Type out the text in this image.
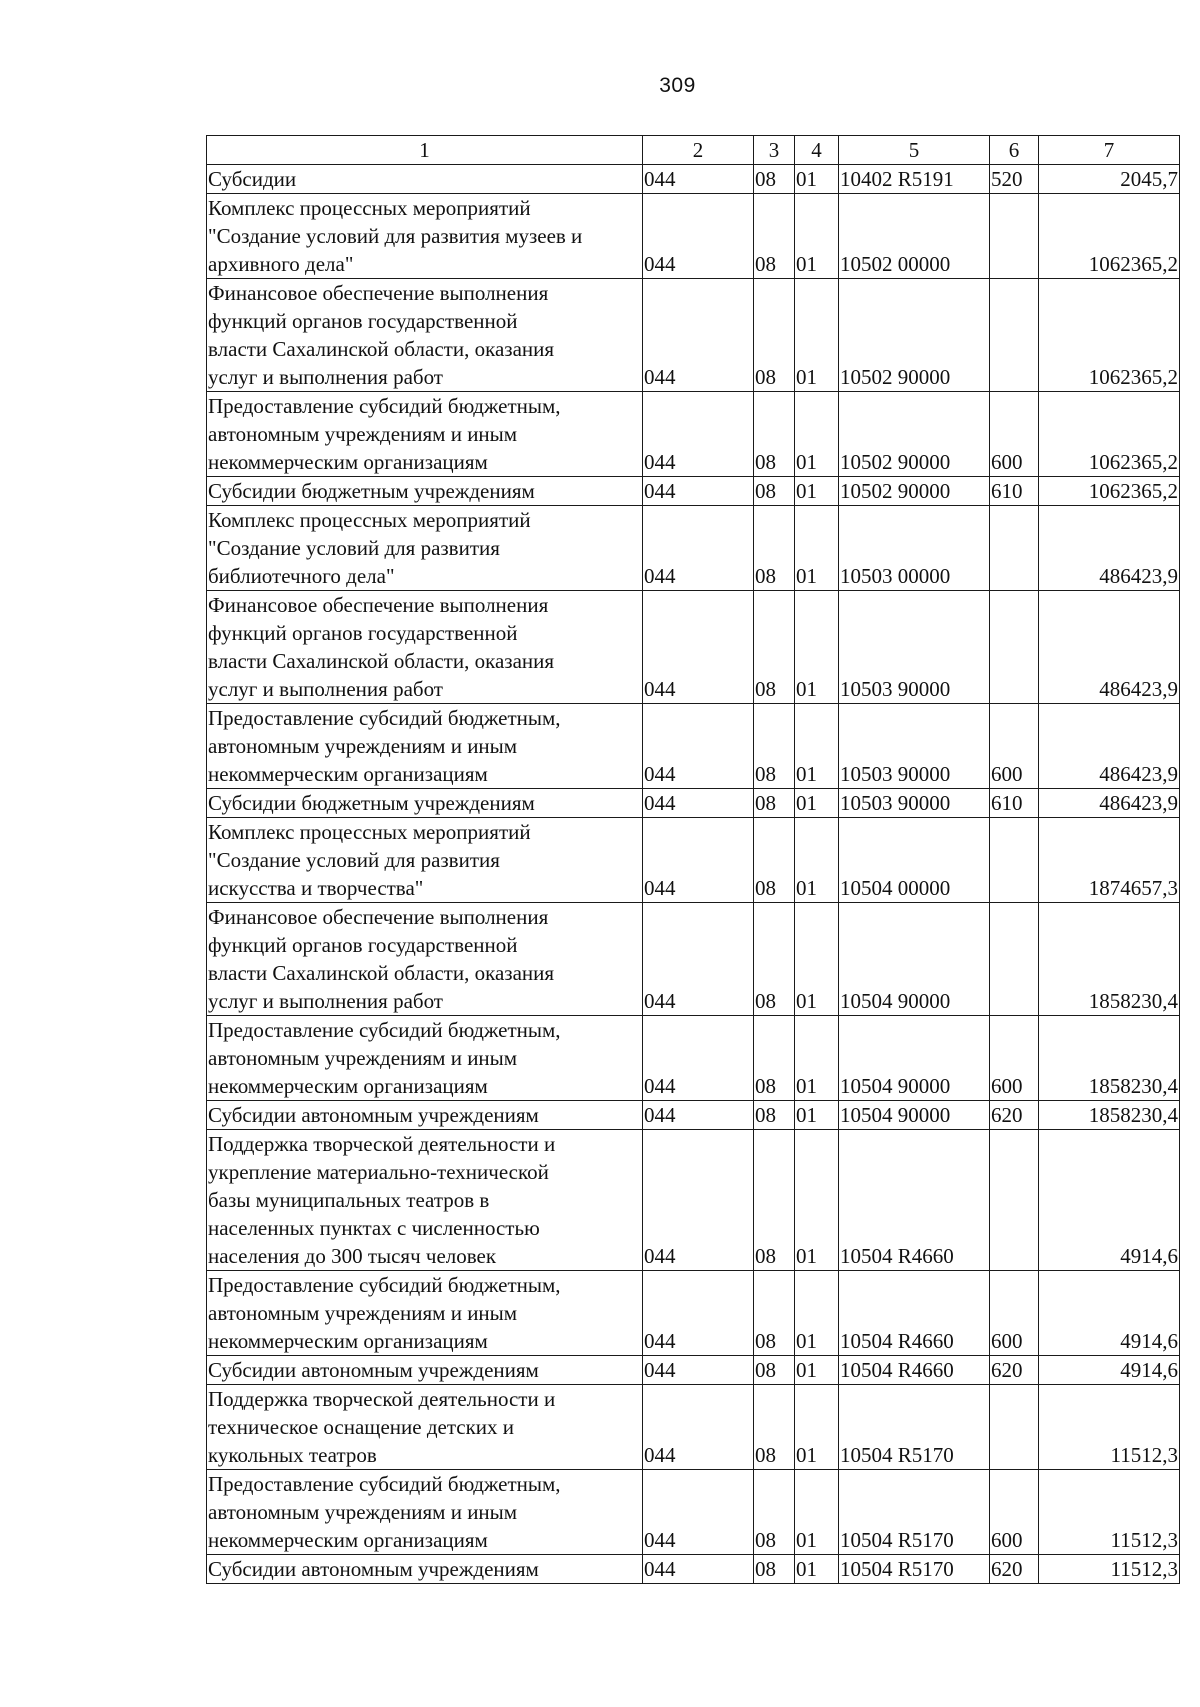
309
1	2	3	4	5	6	7

Субсидии	044	08	01	10402 R5191	520	2045,7

Комплекс процессных мероприятий
"Создание условий для развития музеев и
архивного дела"	044	08	01	10502 00000		1062365,2

Финансовое обеспечение выполнения
функций органов государственной
власти Сахалинской области, оказания
услуг и выполнения работ	044	08	01	10502 90000		1062365,2

Предоставление субсидий бюджетным,
автономным учреждениям и иным
некоммерческим организациям	044	08	01	10502 90000	600	1062365,2

Субсидии бюджетным учреждениям	044	08	01	10502 90000	610	1062365,2

Комплекс процессных мероприятий
"Создание условий для развития
библиотечного дела"	044	08	01	10503 00000		486423,9

Финансовое обеспечение выполнения
функций органов государственной
власти Сахалинской области, оказания
услуг и выполнения работ	044	08	01	10503 90000		486423,9

Предоставление субсидий бюджетным,
автономным учреждениям и иным
некоммерческим организациям	044	08	01	10503 90000	600	486423,9

Субсидии бюджетным учреждениям	044	08	01	10503 90000	610	486423,9

Комплекс процессных мероприятий
"Создание условий для развития
искусства и творчества"	044	08	01	10504 00000		1874657,3

Финансовое обеспечение выполнения
функций органов государственной
власти Сахалинской области, оказания
услуг и выполнения работ	044	08	01	10504 90000		1858230,4

Предоставление субсидий бюджетным,
автономным учреждениям и иным
некоммерческим организациям	044	08	01	10504 90000	600	1858230,4

Субсидии автономным учреждениям	044	08	01	10504 90000	620	1858230,4

Поддержка творческой деятельности и
укрепление материально-технической
базы муниципальных театров в
населенных пунктах с численностью
населения до 300 тысяч человек	044	08	01	10504 R4660		4914,6

Предоставление субсидий бюджетным,
автономным учреждениям и иным
некоммерческим организациям	044	08	01	10504 R4660	600	4914,6

Субсидии автономным учреждениям	044	08	01	10504 R4660	620	4914,6

Поддержка творческой деятельности и
техническое оснащение детских и
кукольных театров	044	08	01	10504 R5170		11512,3

Предоставление субсидий бюджетным,
автономным учреждениям и иным
некоммерческим организациям	044	08	01	10504 R5170	600	11512,3

Субсидии автономным учреждениям	044	08	01	10504 R5170	620	11512,3
